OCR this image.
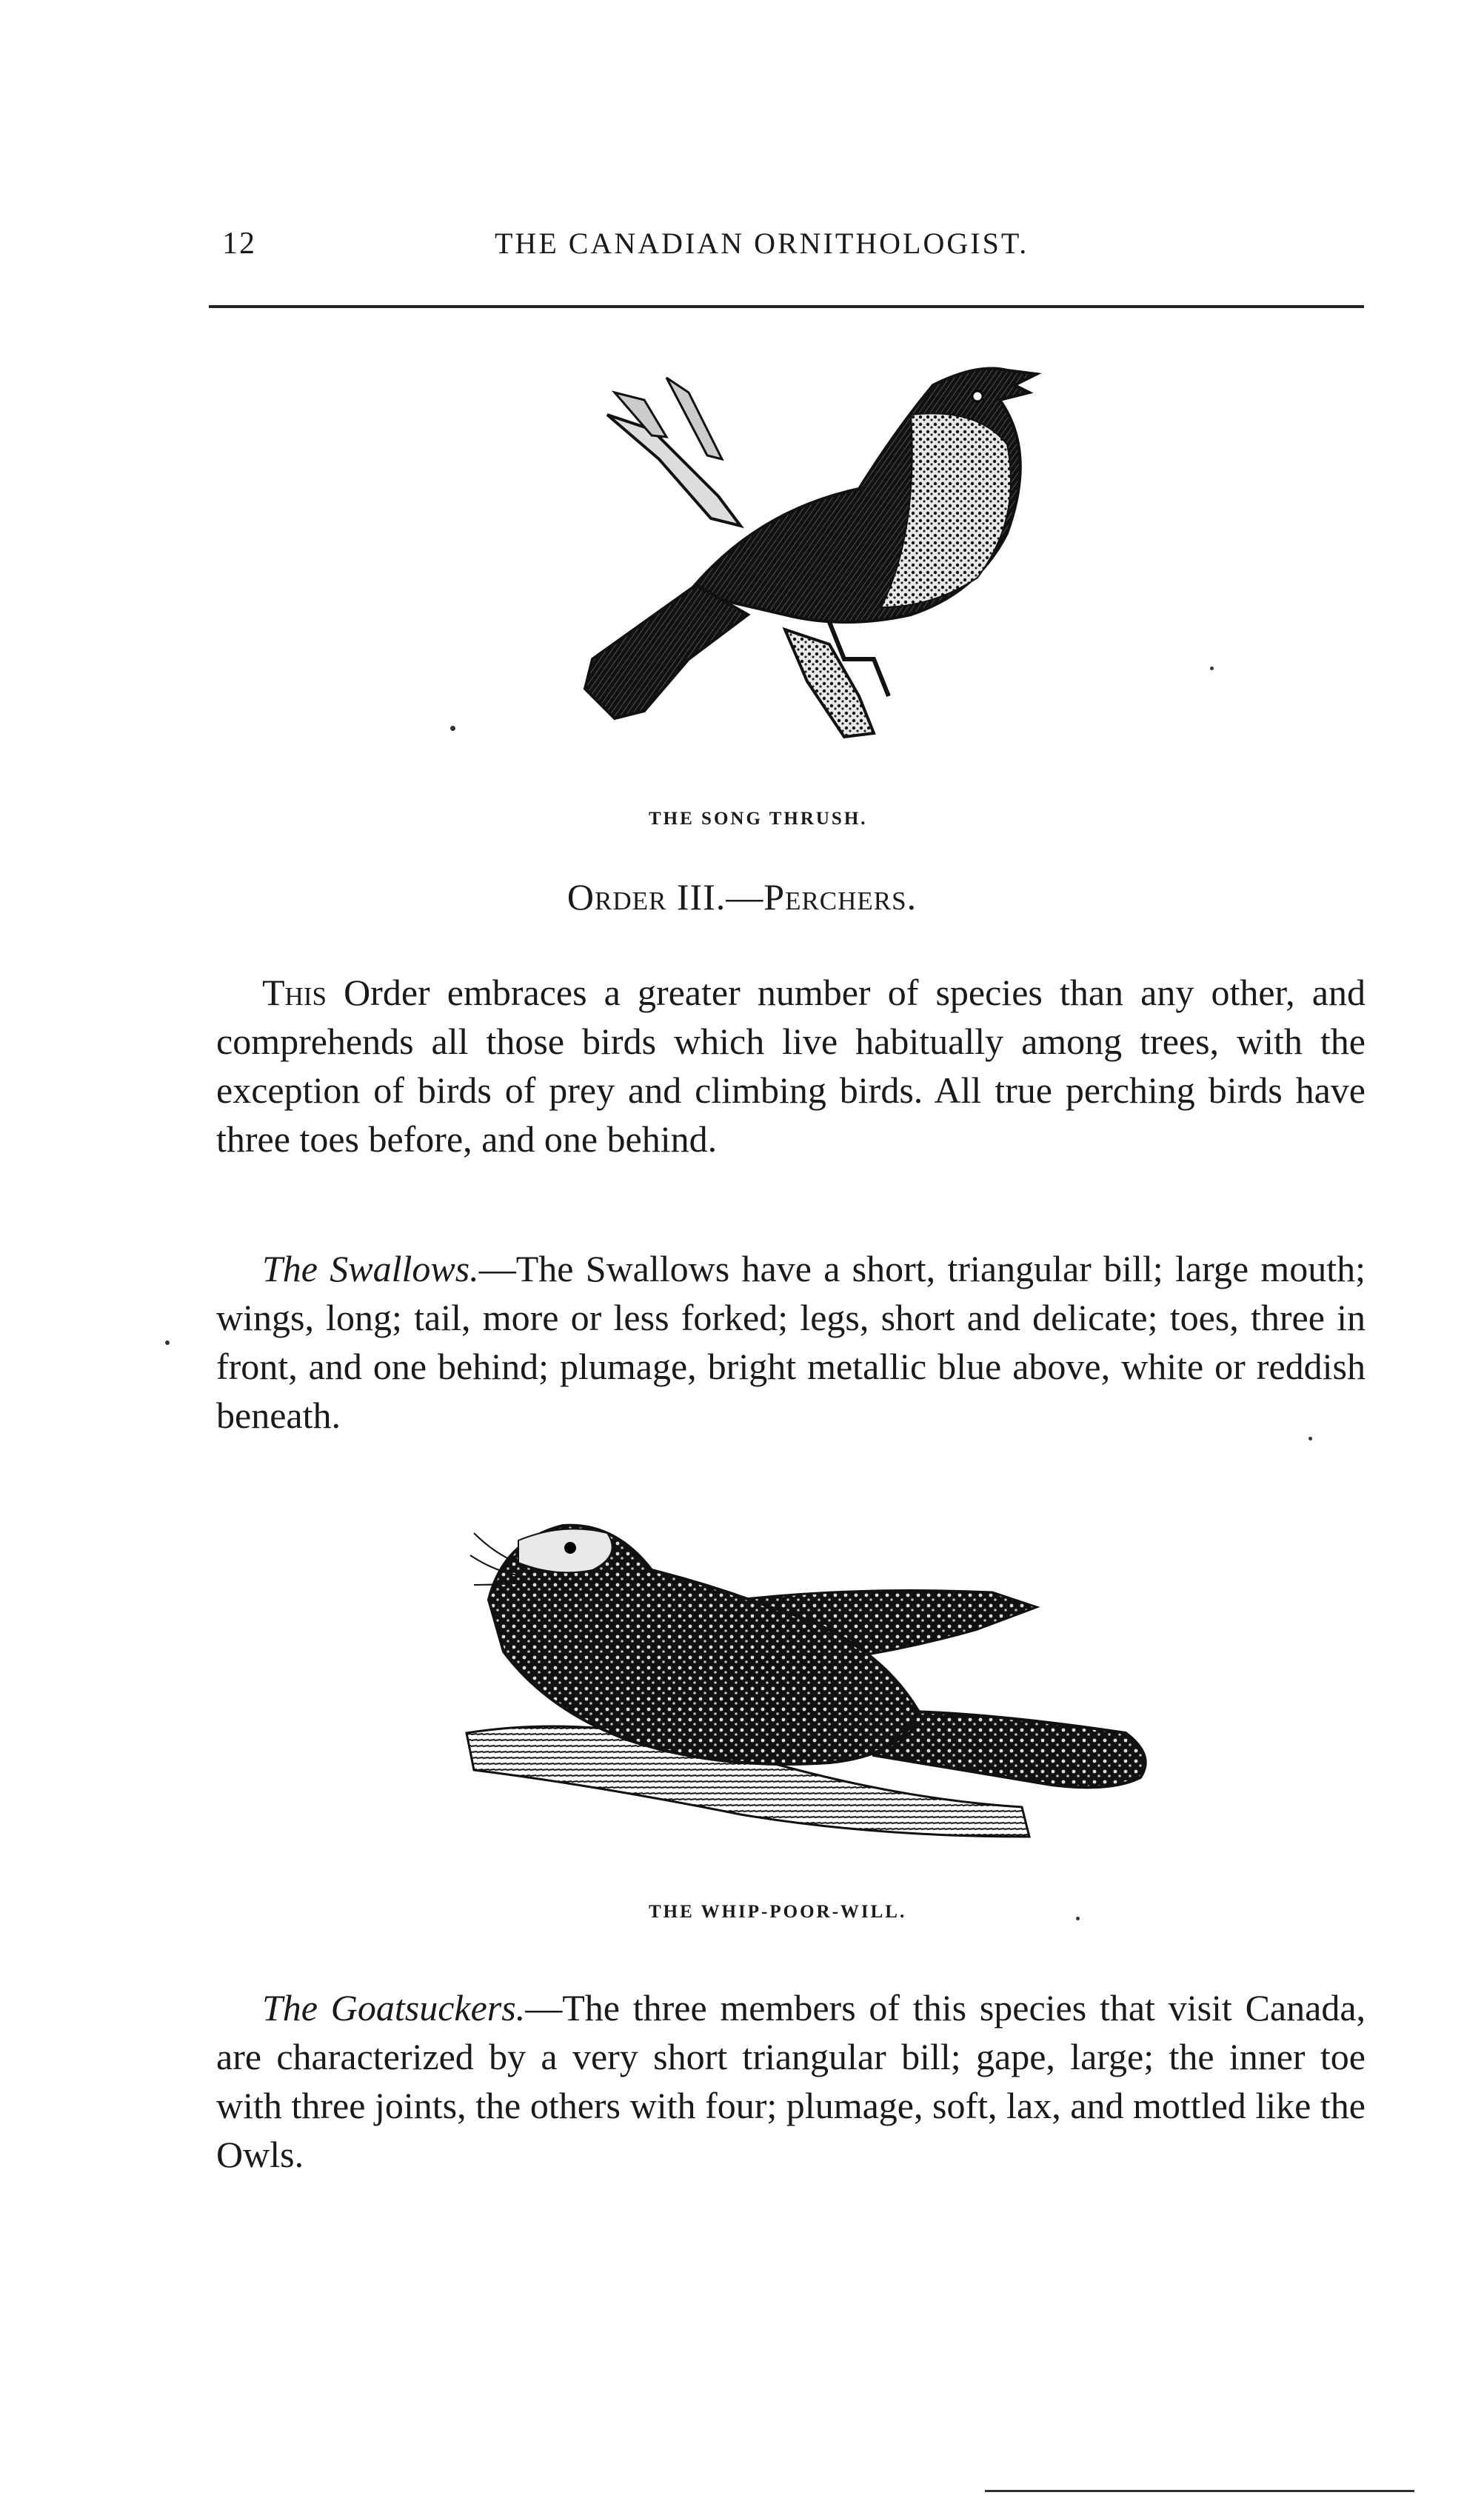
12	THE CANADIAN ORNITHOLOGIST.
THE SONG THRUSH.
Order III.—Perchers.
This Order embraces a greater number of species than any other, and comprehends all those birds which live habitually among trees, with the exception of birds of prey and climbing birds. All true perching birds have three toes before, and one behind.
The Swallows.—The Swallows have a short, triangular bill; large mouth; wings, long; tail, more or less forked; legs, short and delicate; toes, three in front, and one behind; plumage, bright metallic blue above, white or reddish beneath.
THE WHIP-POOR-WILL.
The Goatsuckers.—The three members of this species that visit Canada, are characterized by a very short triangular bill; gape, large; the inner toe with three joints, the others with four; plumage, soft, lax, and mottled like the Owls.
